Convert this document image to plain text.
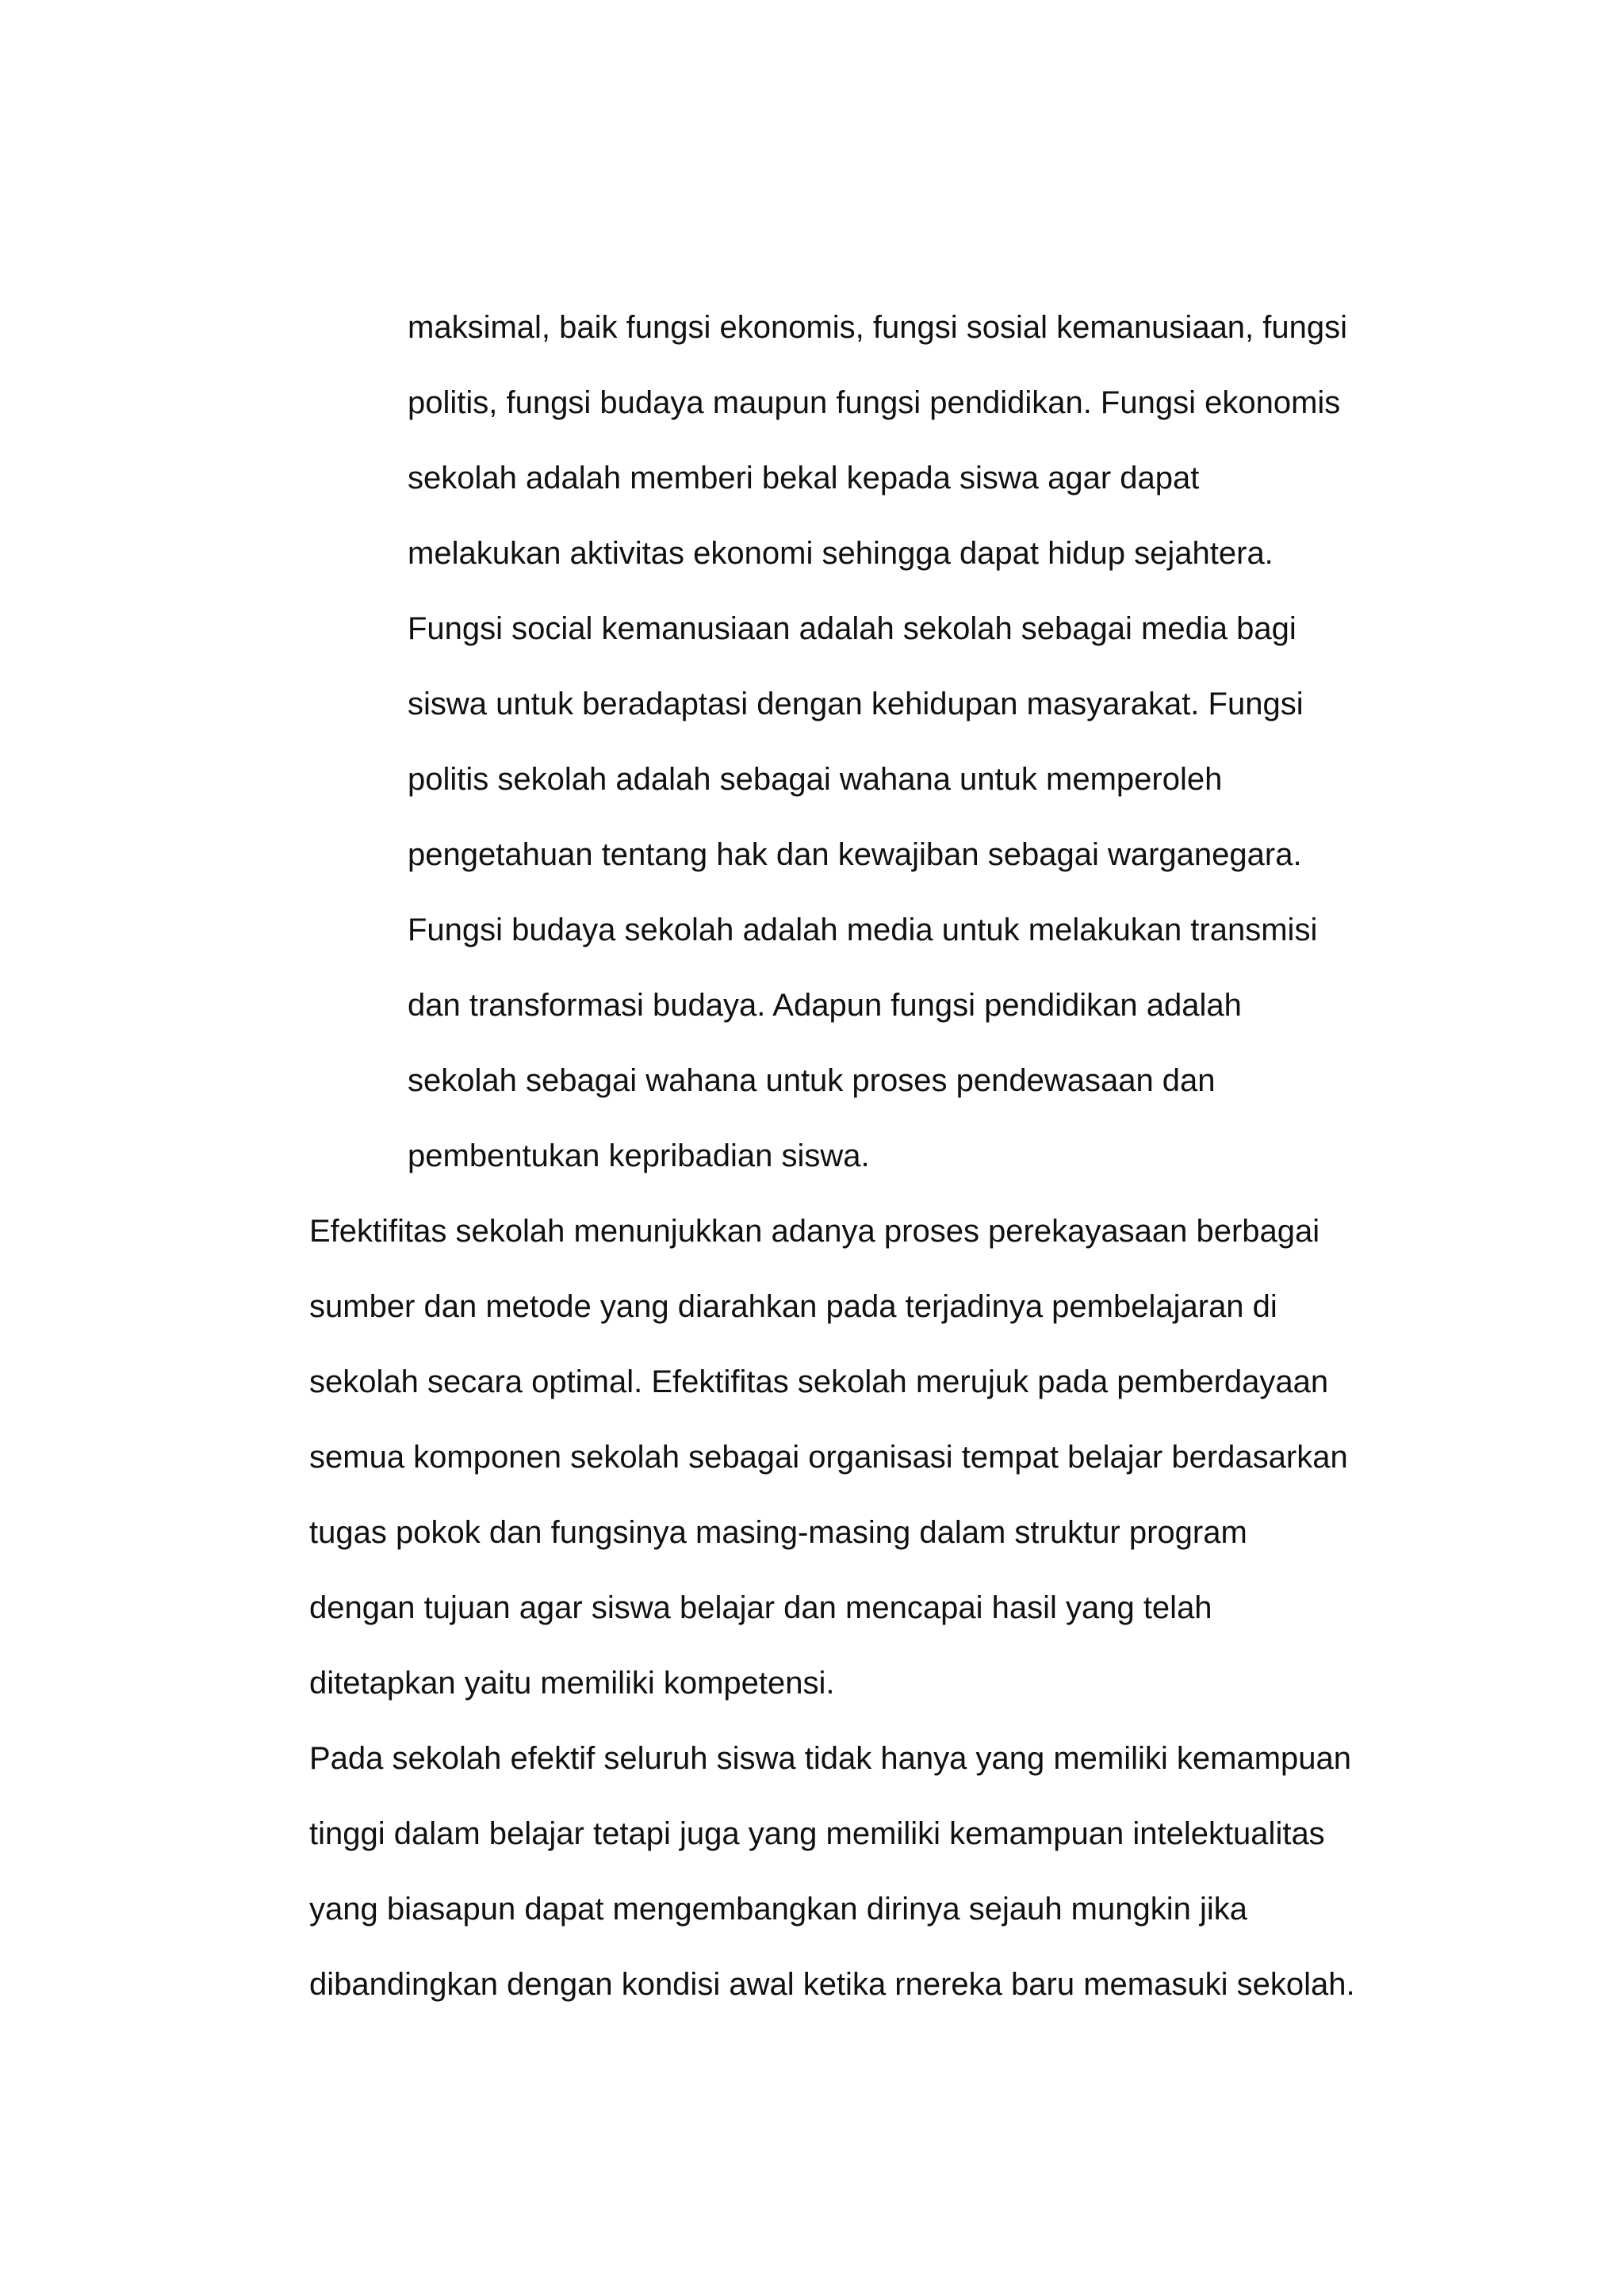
maksimal, baik fungsi ekonomis, fungsi sosial kemanusiaan, fungsi
politis, fungsi budaya maupun fungsi pendidikan. Fungsi ekonomis
sekolah adalah memberi bekal kepada siswa agar dapat
melakukan aktivitas ekonomi sehingga dapat hidup sejahtera.
Fungsi social kemanusiaan adalah sekolah sebagai media bagi
siswa untuk beradaptasi dengan kehidupan masyarakat. Fungsi
politis sekolah adalah sebagai wahana untuk memperoleh
pengetahuan tentang hak dan kewajiban sebagai warganegara.
Fungsi budaya sekolah adalah media untuk melakukan transmisi
dan transformasi budaya. Adapun fungsi pendidikan adalah
sekolah sebagai wahana untuk proses pendewasaan dan
pembentukan kepribadian siswa.
Efektifitas sekolah menunjukkan adanya proses perekayasaan berbagai
sumber dan metode yang diarahkan pada terjadinya pembelajaran di
sekolah secara optimal. Efektifitas sekolah merujuk pada pemberdayaan
semua komponen sekolah sebagai organisasi tempat belajar berdasarkan
tugas pokok dan fungsinya masing-masing dalam struktur program
dengan tujuan agar siswa belajar dan mencapai hasil yang telah
ditetapkan yaitu memiliki kompetensi.
Pada sekolah efektif seluruh siswa tidak hanya yang memiliki kemampuan
tinggi dalam belajar tetapi juga yang memiliki kemampuan intelektualitas
yang biasapun dapat mengembangkan dirinya sejauh mungkin jika
dibandingkan dengan kondisi awal ketika rnereka baru memasuki sekolah.
